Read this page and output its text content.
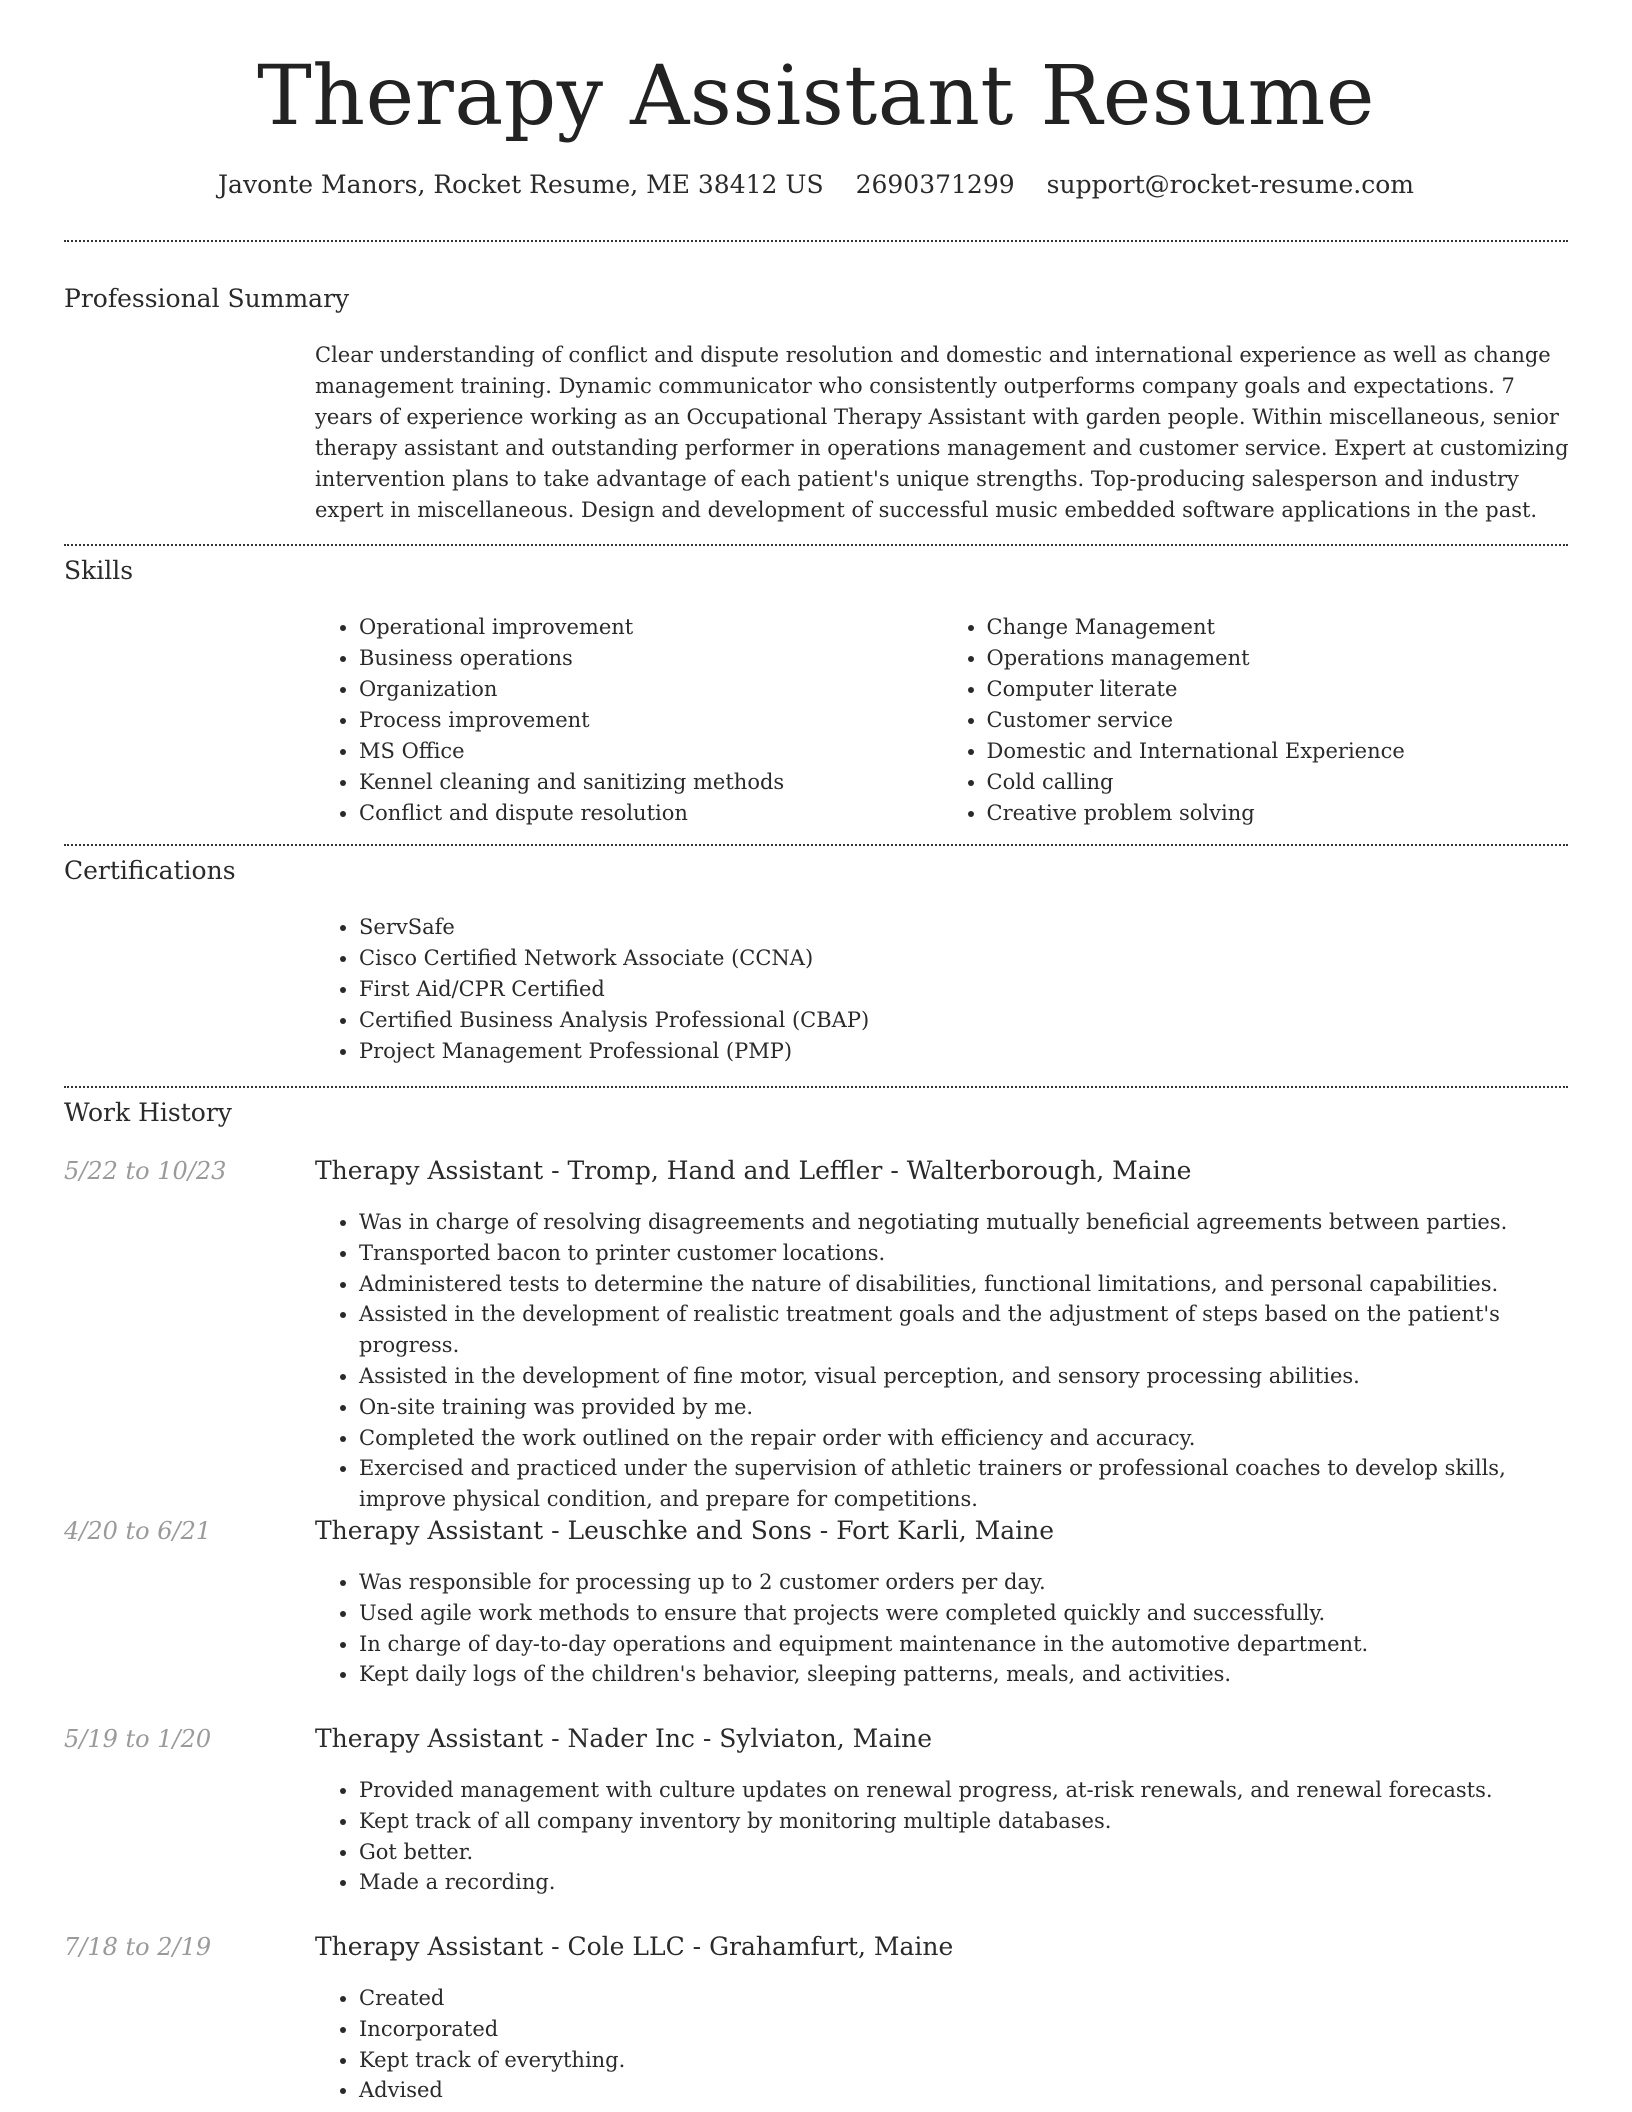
Therapy Assistant Resume
Javonte Manors, Rocket Resume, ME 38412 US 2690371299 support@rocket-resume.com
Professional Summary

Clear understanding of conflict and dispute resolution and domestic and international experience as well as change management training. Dynamic communicator who consistently outperforms company goals and expectations. 7 years of experience working as an Occupational Therapy Assistant with garden people. Within miscellaneous, senior therapy assistant and outstanding performer in operations management and customer service. Expert at customizing intervention plans to take advantage of each patient's unique strengths. Top-producing salesperson and industry expert in miscellaneous. Design and development of successful music embedded software applications in the past.

Skills
• Operational improvement
• Business operations
• Organization
• Process improvement
• MS Office
• Kennel cleaning and sanitizing methods
• Conflict and dispute resolution
• Change Management
• Operations management
• Computer literate
• Customer service
• Domestic and International Experience
• Cold calling
• Creative problem solving
Certifications
• ServSafe
• Cisco Certified Network Associate (CCNA)
• First Aid/CPR Certified
• Certified Business Analysis Professional (CBAP)
• Project Management Professional (PMP)
Work History
5/22 to 10/23	Therapy Assistant - Tromp, Hand and Leffler - Walterborough, Maine
• Was in charge of resolving disagreements and negotiating mutually beneficial agreements between parties.
• Transported bacon to printer customer locations.
• Administered tests to determine the nature of disabilities, functional limitations, and personal capabilities.
• Assisted in the development of realistic treatment goals and the adjustment of steps based on the patient's progress.
• Assisted in the development of fine motor, visual perception, and sensory processing abilities.
• On-site training was provided by me.
• Completed the work outlined on the repair order with efficiency and accuracy.
• Exercised and practiced under the supervision of athletic trainers or professional coaches to develop skills, improve physical condition, and prepare for competitions.
4/20 to 6/21	Therapy Assistant - Leuschke and Sons - Fort Karli, Maine
• Was responsible for processing up to 2 customer orders per day.
• Used agile work methods to ensure that projects were completed quickly and successfully.
• In charge of day-to-day operations and equipment maintenance in the automotive department.
• Kept daily logs of the children's behavior, sleeping patterns, meals, and activities.
5/19 to 1/20	Therapy Assistant - Nader Inc - Sylviaton, Maine
• Provided management with culture updates on renewal progress, at-risk renewals, and renewal forecasts.
• Kept track of all company inventory by monitoring multiple databases.
• Got better.
• Made a recording.
7/18 to 2/19	Therapy Assistant - Cole LLC - Grahamfurt, Maine
• Created
• Incorporated
• Kept track of everything.
• Advised
